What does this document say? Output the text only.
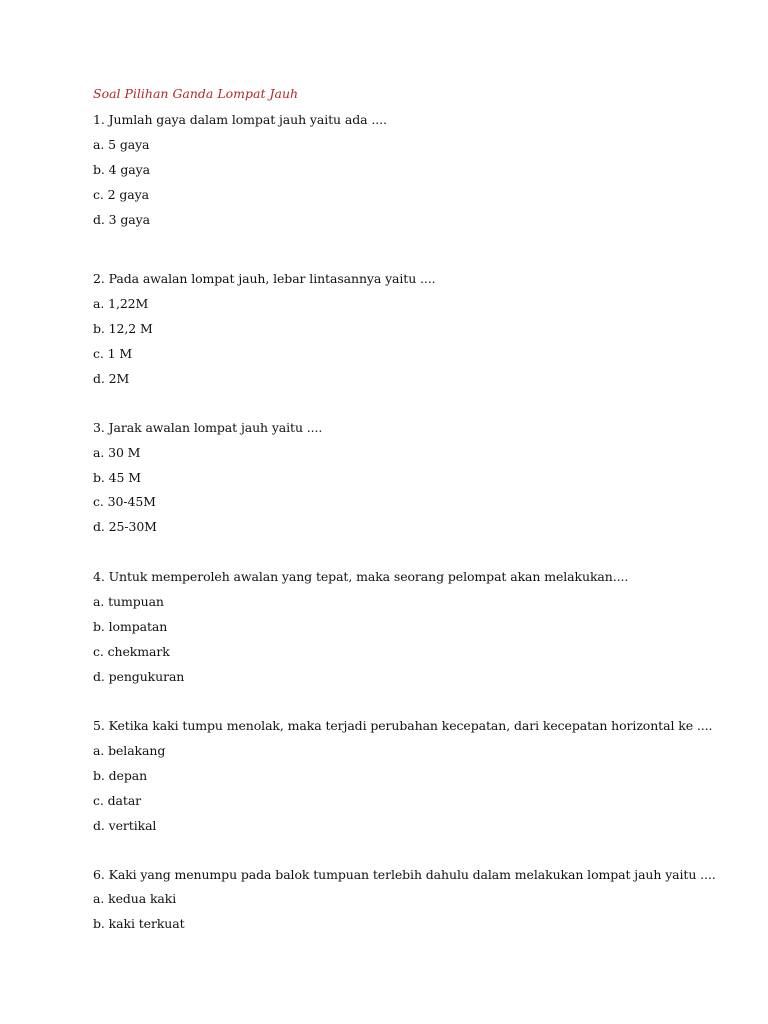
Soal Pilihan Ganda Lompat Jauh
1. Jumlah gaya dalam lompat jauh yaitu ada ....
a. 5 gaya
b. 4 gaya
c. 2 gaya
d. 3 gaya
2. Pada awalan lompat jauh, lebar lintasannya yaitu ....
a. 1,22M
b. 12,2 M
c. 1 M
d. 2M
3. Jarak awalan lompat jauh yaitu ....
a. 30 M
b. 45 M
c. 30-45M
d. 25-30M
4. Untuk memperoleh awalan yang tepat, maka seorang pelompat akan melakukan....
a. tumpuan
b. lompatan
c. chekmark
d. pengukuran
5. Ketika kaki tumpu menolak, maka terjadi perubahan kecepatan, dari kecepatan horizontal ke ....
a. belakang
b. depan
c. datar
d. vertikal
6. Kaki yang menumpu pada balok tumpuan terlebih dahulu dalam melakukan lompat jauh yaitu ....
a. kedua kaki
b. kaki terkuat
